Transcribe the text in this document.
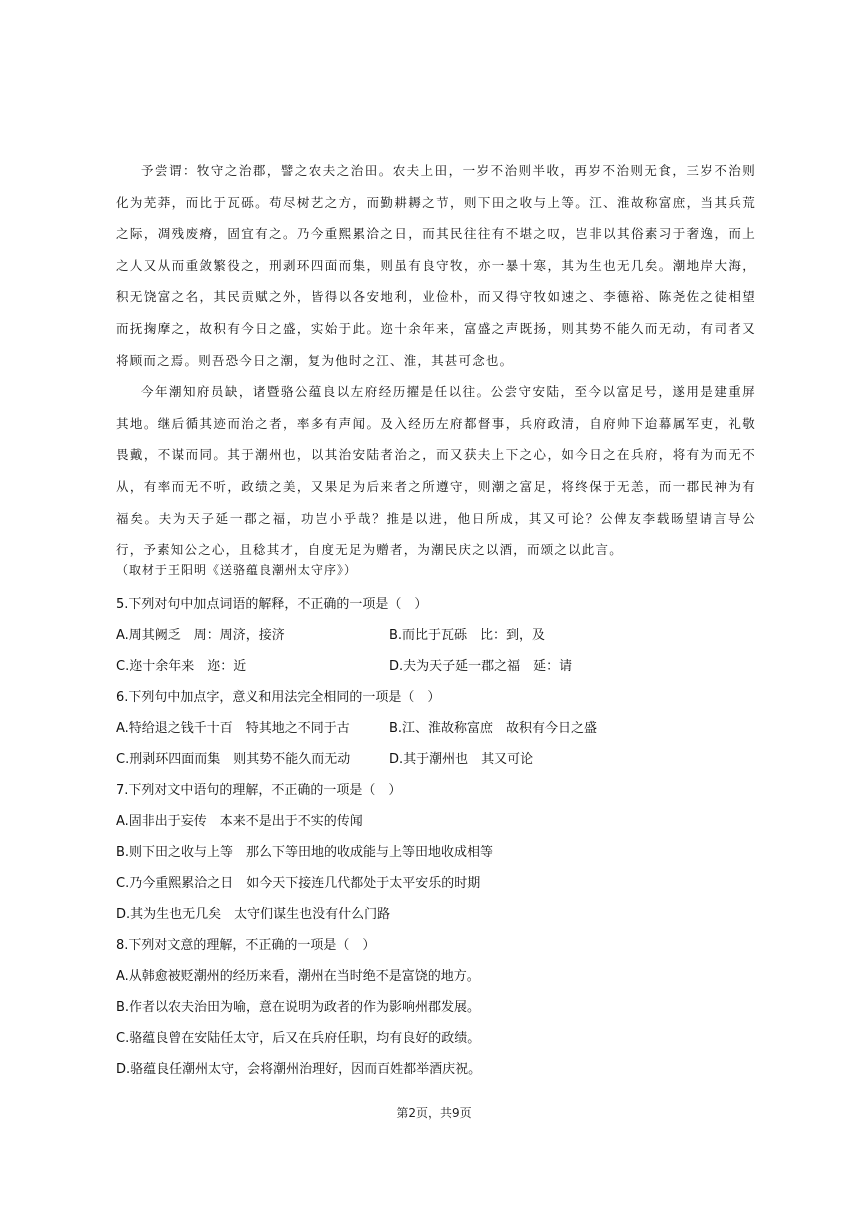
予尝谓：牧守之治郡，譬之农夫之治田。农夫上田，一岁不治则半收，再岁不治则无食，三岁不治则化为芜莽，而比于瓦砾。苟尽树艺之方，而勤耕耨之节，则下田之收与上等。江、淮故称富庶，当其兵荒之际，凋残废瘠，固宜有之。乃今重熙累洽之日，而其民往往有不堪之叹，岂非以其俗素习于奢逸，而上之人又从而重敛繁役之，刑剥环四面而集，则虽有良守牧，亦一暴十寒，其为生也无几矣。潮地岸大海，积无饶富之名，其民贡赋之外，皆得以各安地利，业俭朴，而又得守牧如速之、李德裕、陈尧佐之徒相望而抚掬摩之，故积有今日之盛，实始于此。迩十余年来，富盛之声既扬，则其势不能久而无动，有司者又将顾而之焉。则吾恐今日之潮，复为他时之江、淮，其甚可念也。

今年潮知府员缺，诸暨骆公蕴良以左府经历擢是任以往。公尝守安陆，至今以富足号，遂用是建重屏其地。继后循其迹而治之者，率多有声闻。及入经历左府都督事，兵府政清，自府帅下迨幕属军吏，礼敬畏戴，不谋而同。其于潮州也，以其治安陆者治之，而又获夫上下之心，如今日之在兵府，将有为而无不从，有率而无不听，政绩之美，又果足为后来者之所遵守，则潮之富足，将终保于无恙，而一郡民神为有福矣。夫为天子延一郡之福，功岂小乎哉？推是以进，他日所成，其又可论？公俾友李载旸望请言导公行，予素知公之心，且稔其才，自度无足为赠者，为潮民庆之以酒，而颂之以此言。

（取材于王阳明《送骆蕴良潮州太守序》）
5.下列对句中加点词语的解释，不正确的一项是（　）
A.周其阙乏　周：周济，接济	B.而比于瓦砾　比：到，及
C.迩十余年来　迩：近	D.夫为天子延一郡之福　延：请
6.下列句中加点字，意义和用法完全相同的一项是（　）
A.特给退之钱千十百　特其地之不同于古	B.江、淮故称富庶　故积有今日之盛
C.刑剥环四面而集　则其势不能久而无动	D.其于潮州也　其又可论
7.下列对文中语句的理解，不正确的一项是（　）
A.固非出于妄传　本来不是出于不实的传闻
B.则下田之收与上等　那么下等田地的收成能与上等田地收成相等
C.乃今重熙累洽之日　如今天下接连几代都处于太平安乐的时期
D.其为生也无几矣　太守们谋生也没有什么门路
8.下列对文意的理解，不正确的一项是（　）
A.从韩愈被贬潮州的经历来看，潮州在当时绝不是富饶的地方。
B.作者以农夫治田为喻，意在说明为政者的作为影响州郡发展。
C.骆蕴良曾在安陆任太守，后又在兵府任职，均有良好的政绩。
D.骆蕴良任潮州太守，会将潮州治理好，因而百姓都举酒庆祝。
第2页，共9页
